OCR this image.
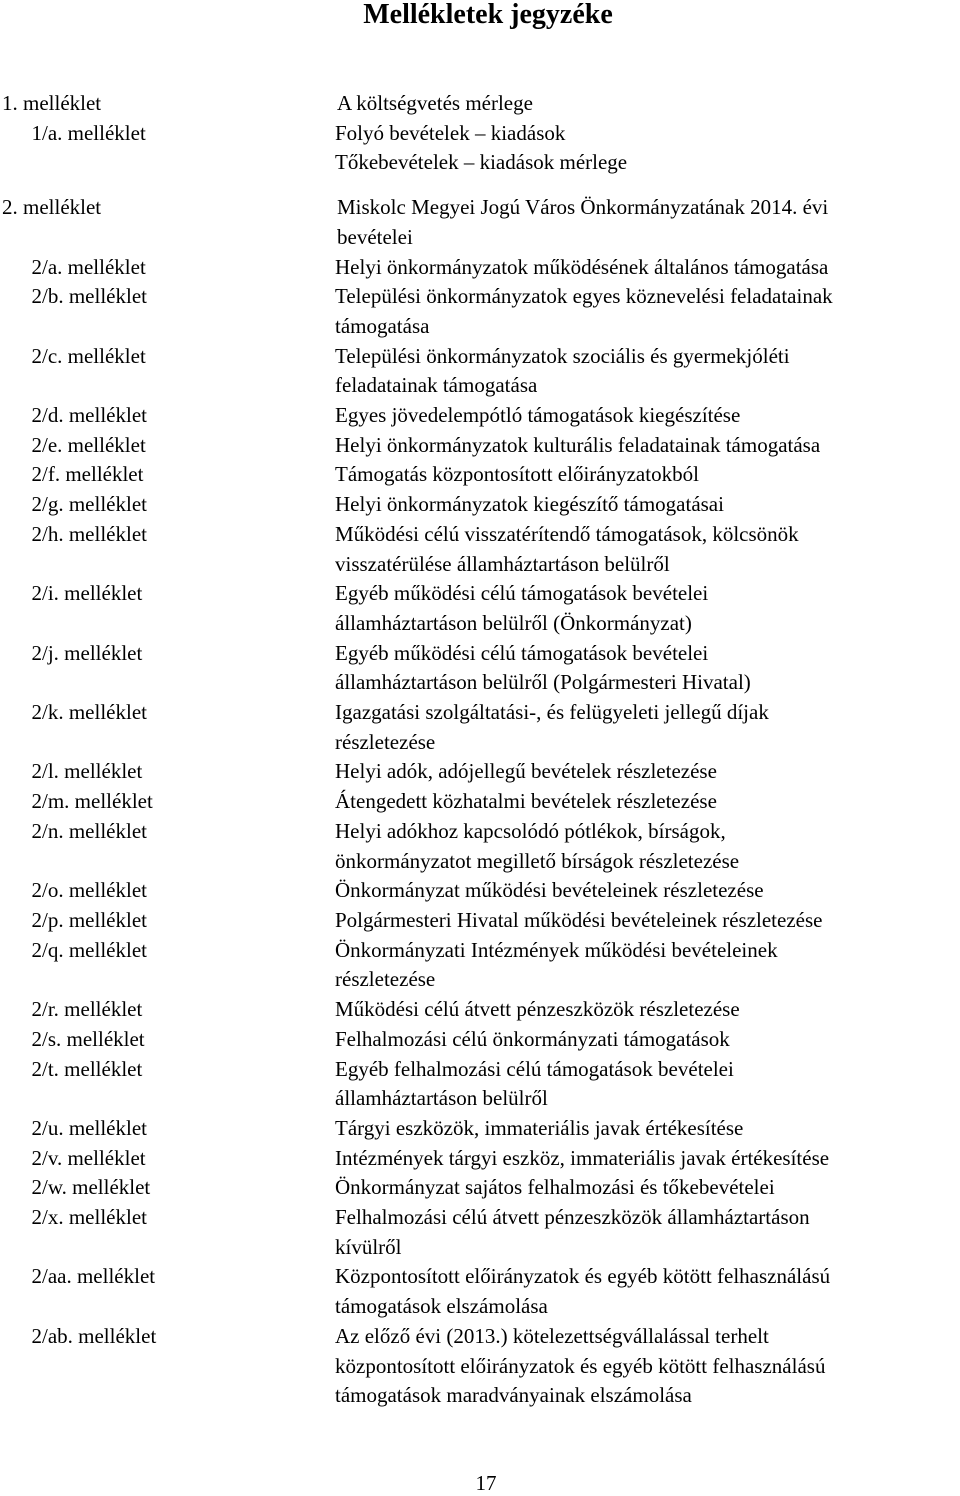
Mellékletek jegyzéke
1. melléklet	A költségvetés mérlege
1/a. melléklet	Folyó bevételek – kiadások
Tőkebevételek – kiadások mérlege
2. melléklet	Miskolc Megyei Jogú Város Önkormányzatának 2014. évi
bevételei
2/a. melléklet	Helyi önkormányzatok működésének általános támogatása
2/b. melléklet	Települési önkormányzatok egyes köznevelési feladatainak
támogatása
2/c. melléklet	Települési önkormányzatok szociális és gyermekjóléti
feladatainak támogatása
2/d. melléklet	Egyes jövedelempótló támogatások kiegészítése
2/e. melléklet	Helyi önkormányzatok kulturális feladatainak támogatása
2/f. melléklet	Támogatás központosított előirányzatokból
2/g. melléklet	Helyi önkormányzatok kiegészítő támogatásai
2/h. melléklet	Működési célú visszatérítendő támogatások, kölcsönök
visszatérülése államháztartáson belülről
2/i. melléklet	Egyéb működési célú támogatások bevételei
államháztartáson belülről (Önkormányzat)
2/j. melléklet	Egyéb működési célú támogatások bevételei
államháztartáson belülről (Polgármesteri Hivatal)
2/k. melléklet	Igazgatási szolgáltatási-, és felügyeleti jellegű díjak
részletezése
2/l. melléklet	Helyi adók, adójellegű bevételek részletezése
2/m. melléklet	Átengedett közhatalmi bevételek részletezése
2/n. melléklet	Helyi adókhoz kapcsolódó pótlékok, bírságok,
önkormányzatot megillető bírságok részletezése
2/o. melléklet	Önkormányzat működési bevételeinek részletezése
2/p. melléklet	Polgármesteri Hivatal működési bevételeinek részletezése
2/q. melléklet	Önkormányzati Intézmények működési bevételeinek
részletezése
2/r. melléklet	Működési célú átvett pénzeszközök részletezése
2/s. melléklet	Felhalmozási célú önkormányzati támogatások
2/t. melléklet	Egyéb felhalmozási célú támogatások bevételei
államháztartáson belülről
2/u. melléklet	Tárgyi eszközök, immateriális javak értékesítése
2/v. melléklet	Intézmények tárgyi eszköz, immateriális javak értékesítése
2/w. melléklet	Önkormányzat sajátos felhalmozási és tőkebevételei
2/x. melléklet	Felhalmozási célú átvett pénzeszközök államháztartáson
kívülről
2/aa. melléklet	Központosított előirányzatok és egyéb kötött felhasználású
támogatások elszámolása
2/ab. melléklet	Az előző évi (2013.) kötelezettségvállalással terhelt
központosított előirányzatok és egyéb kötött felhasználású
támogatások maradványainak elszámolása
17
